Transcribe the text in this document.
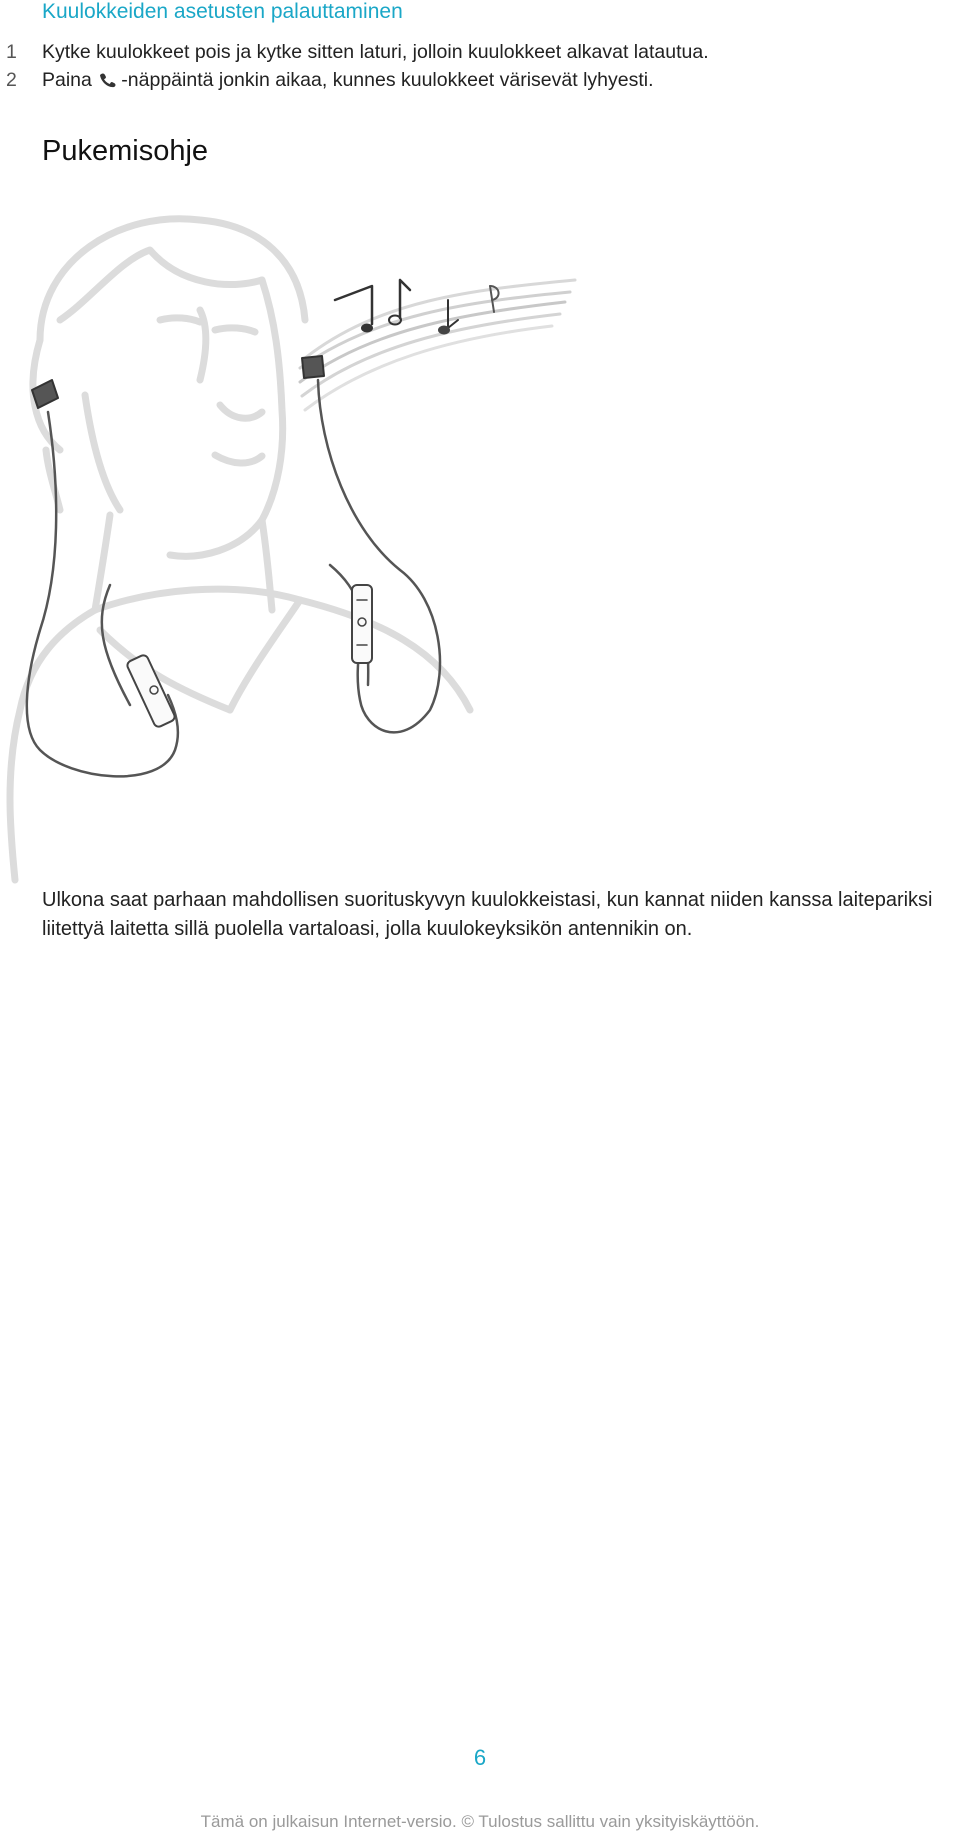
Kuulokkeiden asetusten palauttaminen
1	Kytke kuulokkeet pois ja kytke sitten laturi, jolloin kuulokkeet alkavat latautua.
2	Paina -näppäintä jonkin aikaa, kunnes kuulokkeet värisevät lyhyesti.
Pukemisohje

Ulkona saat parhaan mahdollisen suorituskyvyn kuulokkeistasi, kun kannat niiden kanssa laitepariksi liitettyä laitetta sillä puolella vartaloasi, jolla kuulokeyksikön antennikin on.

6
Tämä on julkaisun Internet-versio. © Tulostus sallittu vain yksityiskäyttöön.
